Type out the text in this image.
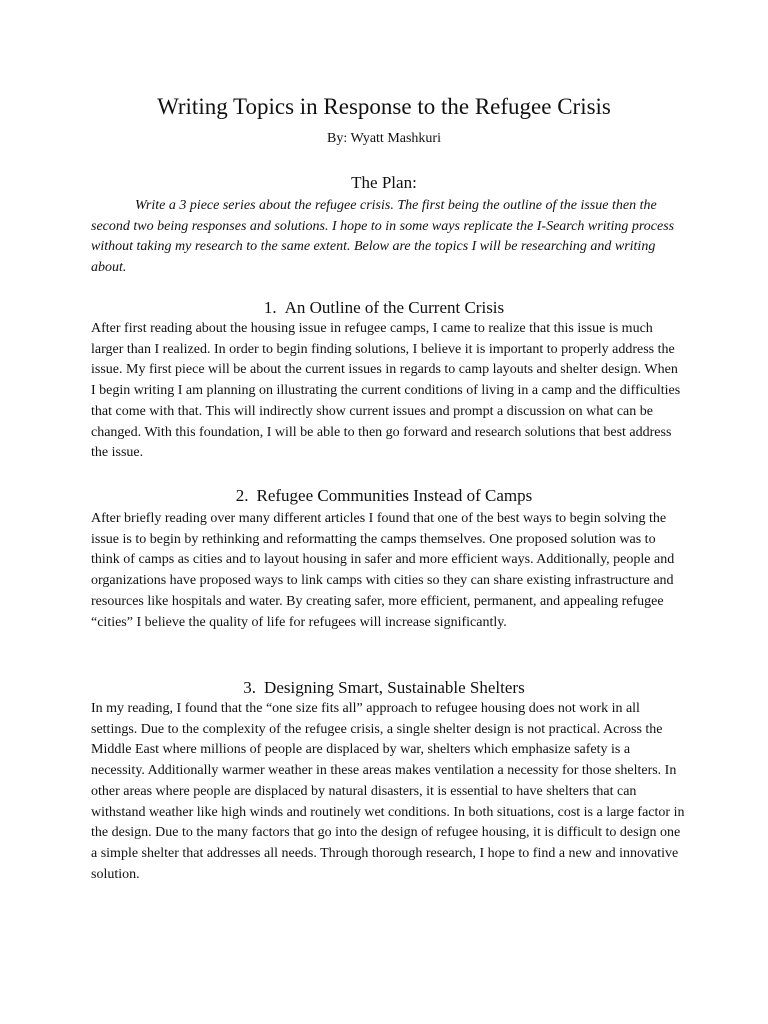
Writing Topics in Response to the Refugee Crisis

By: Wyatt Mashkuri

The Plan:

Write a 3 piece series about the refugee crisis. The first being the outline of the issue then the second two being responses and solutions. I hope to in some ways replicate the I-Search writing process without taking my research to the same extent. Below are the topics I will be researching and writing about.

1. An Outline of the Current Crisis

After first reading about the housing issue in refugee camps, I came to realize that this issue is much larger than I realized. In order to begin finding solutions, I believe it is important to properly address the issue. My first piece will be about the current issues in regards to camp layouts and shelter design. When I begin writing I am planning on illustrating the current conditions of living in a camp and the difficulties that come with that. This will indirectly show current issues and prompt a discussion on what can be changed. With this foundation, I will be able to then go forward and research solutions that best address the issue.

2. Refugee Communities Instead of Camps

After briefly reading over many different articles I found that one of the best ways to begin solving the issue is to begin by rethinking and reformatting the camps themselves. One proposed solution was to think of camps as cities and to layout housing in safer and more efficient ways. Additionally, people and organizations have proposed ways to link camps with cities so they can share existing infrastructure and resources like hospitals and water. By creating safer, more efficient, permanent, and appealing refugee “cities” I believe the quality of life for refugees will increase significantly.

3. Designing Smart, Sustainable Shelters

In my reading, I found that the “one size fits all” approach to refugee housing does not work in all settings. Due to the complexity of the refugee crisis, a single shelter design is not practical. Across the Middle East where millions of people are displaced by war, shelters which emphasize safety is a necessity. Additionally warmer weather in these areas makes ventilation a necessity for those shelters. In other areas where people are displaced by natural disasters, it is essential to have shelters that can withstand weather like high winds and routinely wet conditions. In both situations, cost is a large factor in the design. Due to the many factors that go into the design of refugee housing, it is difficult to design one a simple shelter that addresses all needs. Through thorough research, I hope to find a new and innovative solution.
